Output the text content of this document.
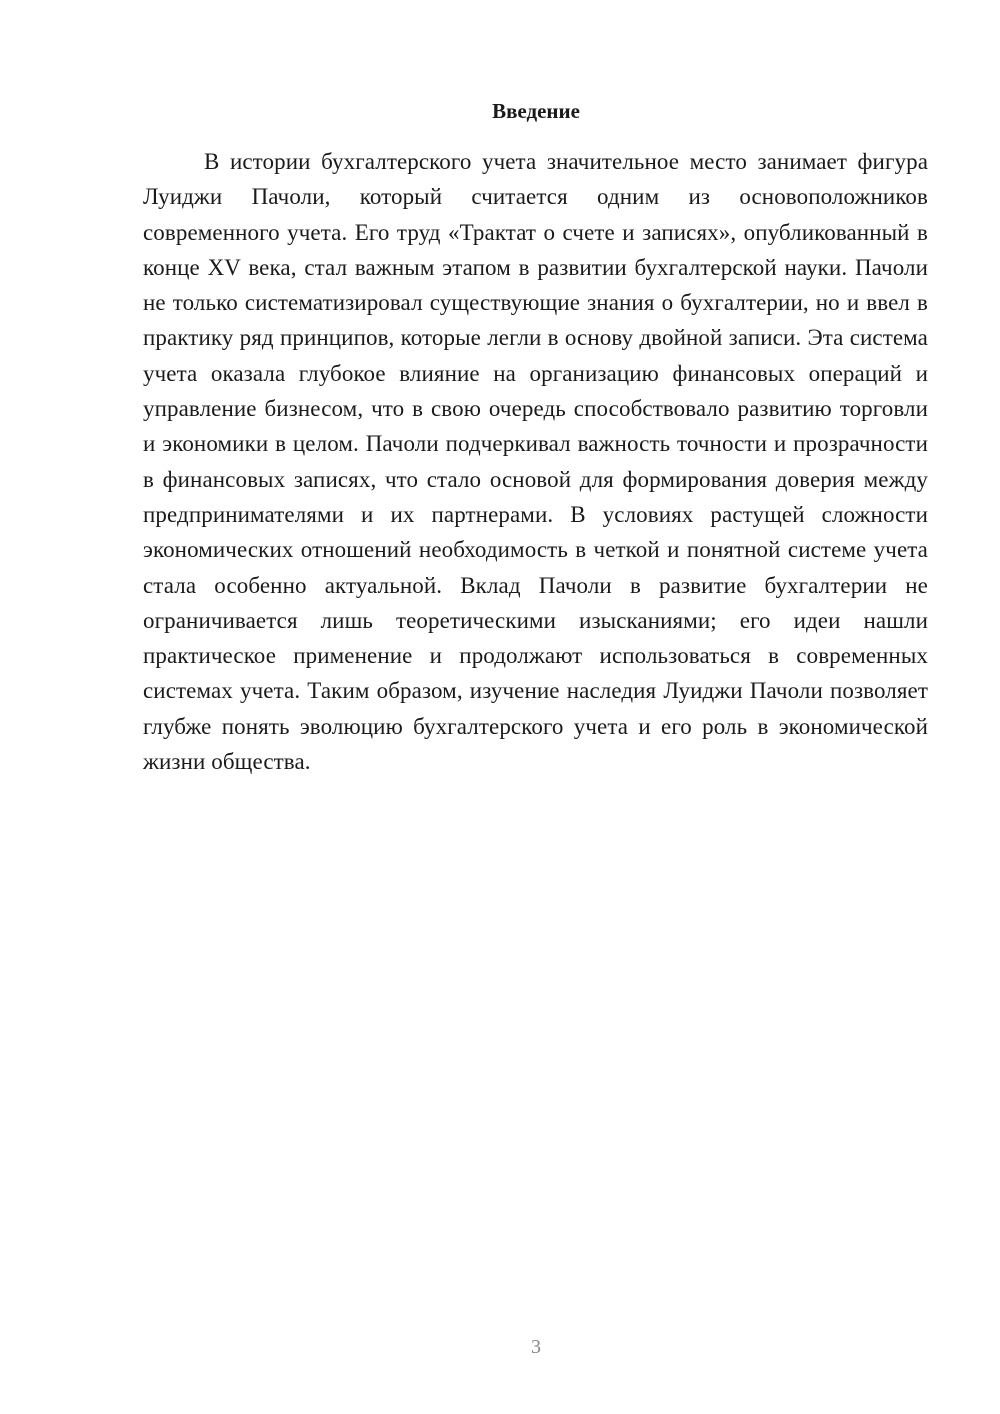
Введение

В истории бухгалтерского учета значительное место занимает фигура Луиджи Пачоли, который считается одним из основоположников современного учета. Его труд «Трактат о счете и записях», опубликованный в конце XV века, стал важным этапом в развитии бухгалтерской науки. Пачоли не только систематизировал существующие знания о бухгалтерии, но и ввел в практику ряд принципов, которые легли в основу двойной записи. Эта система учета оказала глубокое влияние на организацию финансовых операций и управление бизнесом, что в свою очередь способствовало развитию торговли и экономики в целом. Пачоли подчеркивал важность точности и прозрачности в финансовых записях, что стало основой для формирования доверия между предпринимателями и их партнерами. В условиях растущей сложности экономических отношений необходимость в четкой и понятной системе учета стала особенно актуальной. Вклад Пачоли в развитие бухгалтерии не ограничивается лишь теоретическими изысканиями; его идеи нашли практическое применение и продолжают использоваться в современных системах учета. Таким образом, изучение наследия Луиджи Пачоли позволяет глубже понять эволюцию бухгалтерского учета и его роль в экономической жизни общества.

3
